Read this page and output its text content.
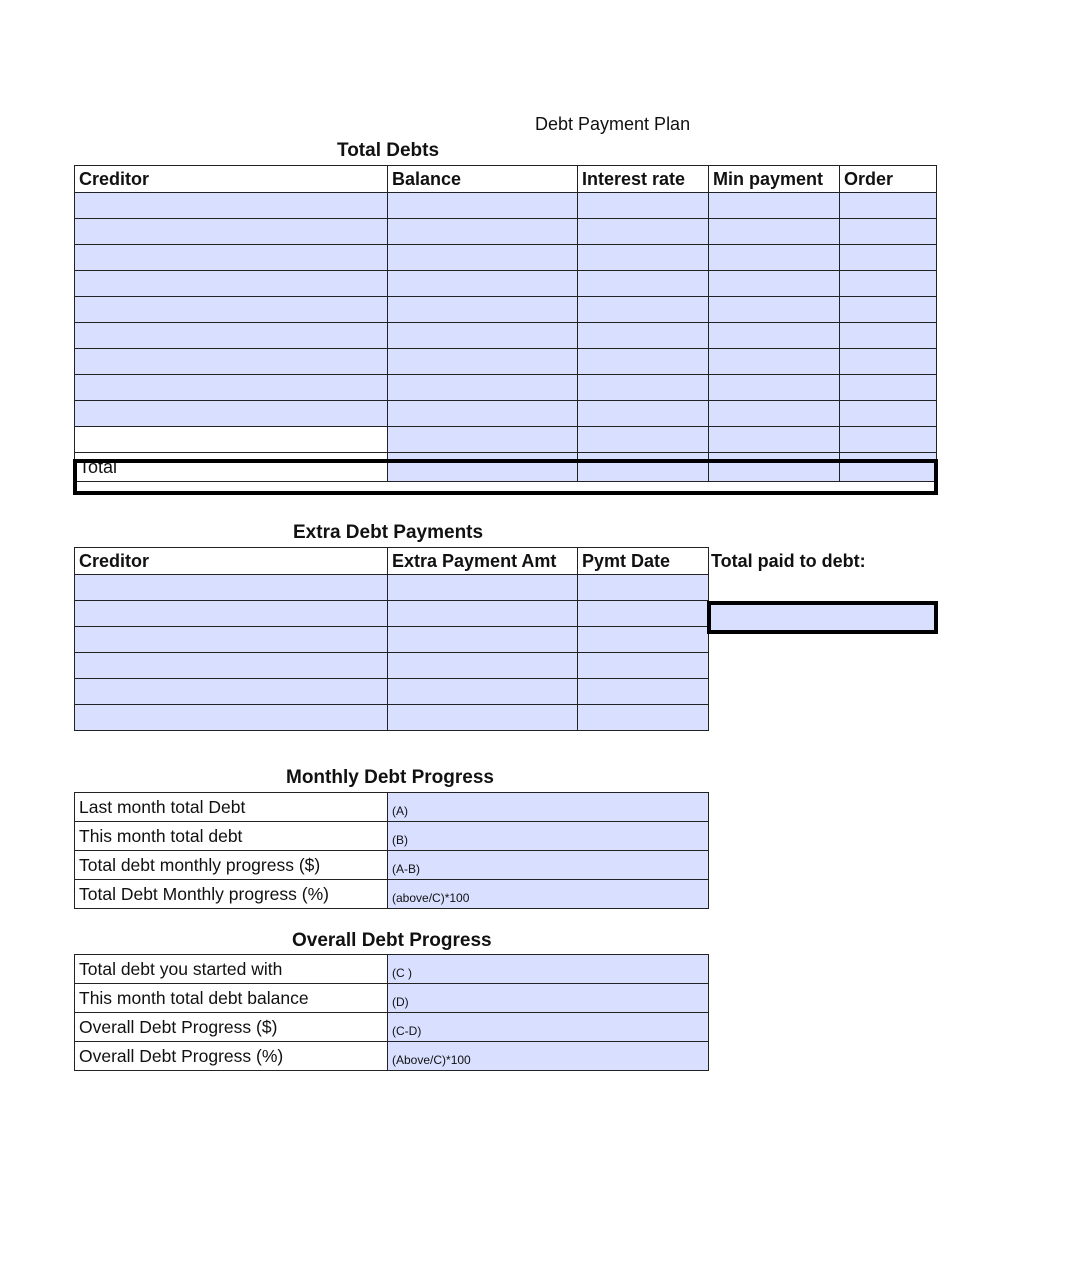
Debt Payment Plan
Total Debts
Creditor	Balance	Interest rate	Min payment	Order

Total				
Extra Debt Payments
Creditor	Extra Payment Amt	Pymt Date

		Total paid to debt:
Monthly Debt Progress
Last month total Debt	(A)
This month total debt	(B)
Total debt monthly progress ($)	(A-B)
Total Debt Monthly progress (%)	(above/C)*100
Overall Debt Progress
Total debt you started with	(C )
This month total debt balance	(D)
Overall Debt Progress ($)	(C-D)
Overall Debt Progress (%)	(Above/C)*100
